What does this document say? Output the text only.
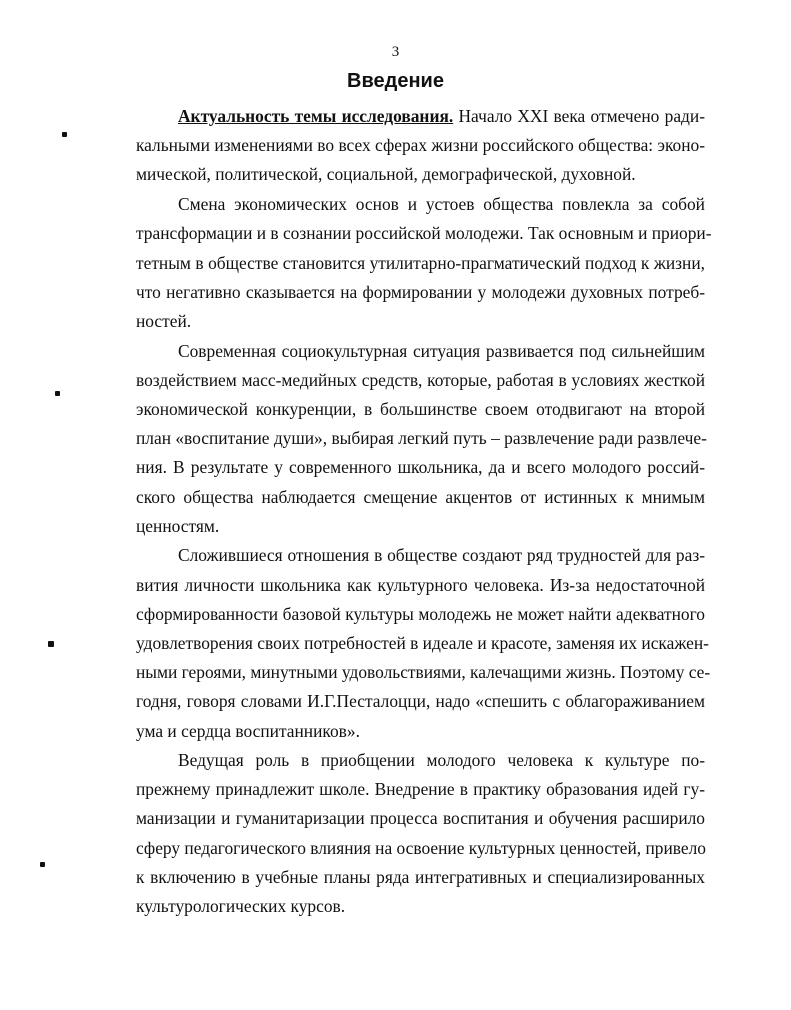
3
Введение
Актуальность темы исследования. Начало XXI века отмечено ради-
кальными изменениями во всех сферах жизни российского общества: эконо-
мической, политической, социальной, демографической, духовной.
Смена экономических основ и устоев общества повлекла за собой
трансформации и в сознании российской молодежи. Так основным и приори-
тетным в обществе становится утилитарно-прагматический подход к жизни,
что негативно сказывается на формировании у молодежи духовных потреб-
ностей.
Современная социокультурная ситуация развивается под сильнейшим
воздействием масс-медийных средств, которые, работая в условиях жесткой
экономической конкуренции, в большинстве своем отодвигают на второй
план «воспитание души», выбирая легкий путь – развлечение ради развлече-
ния. В результате у современного школьника, да и всего молодого россий-
ского общества наблюдается смещение акцентов от истинных к мнимым
ценностям.
Сложившиеся отношения в обществе создают ряд трудностей для раз-
вития личности школьника как культурного человека. Из-за недостаточной
сформированности базовой культуры молодежь не может найти адекватного
удовлетворения своих потребностей в идеале и красоте, заменяя их искажен-
ными героями, минутными удовольствиями, калечащими жизнь. Поэтому се-
годня, говоря словами И.Г.Песталоцци, надо «спешить с облагораживанием
ума и сердца воспитанников».
Ведущая роль в приобщении молодого человека к культуре по-
прежнему принадлежит школе. Внедрение в практику образования идей гу-
манизации и гуманитаризации процесса воспитания и обучения расширило
сферу педагогического влияния на освоение культурных ценностей, привело
к включению в учебные планы ряда интегративных и специализированных
культурологических курсов.
